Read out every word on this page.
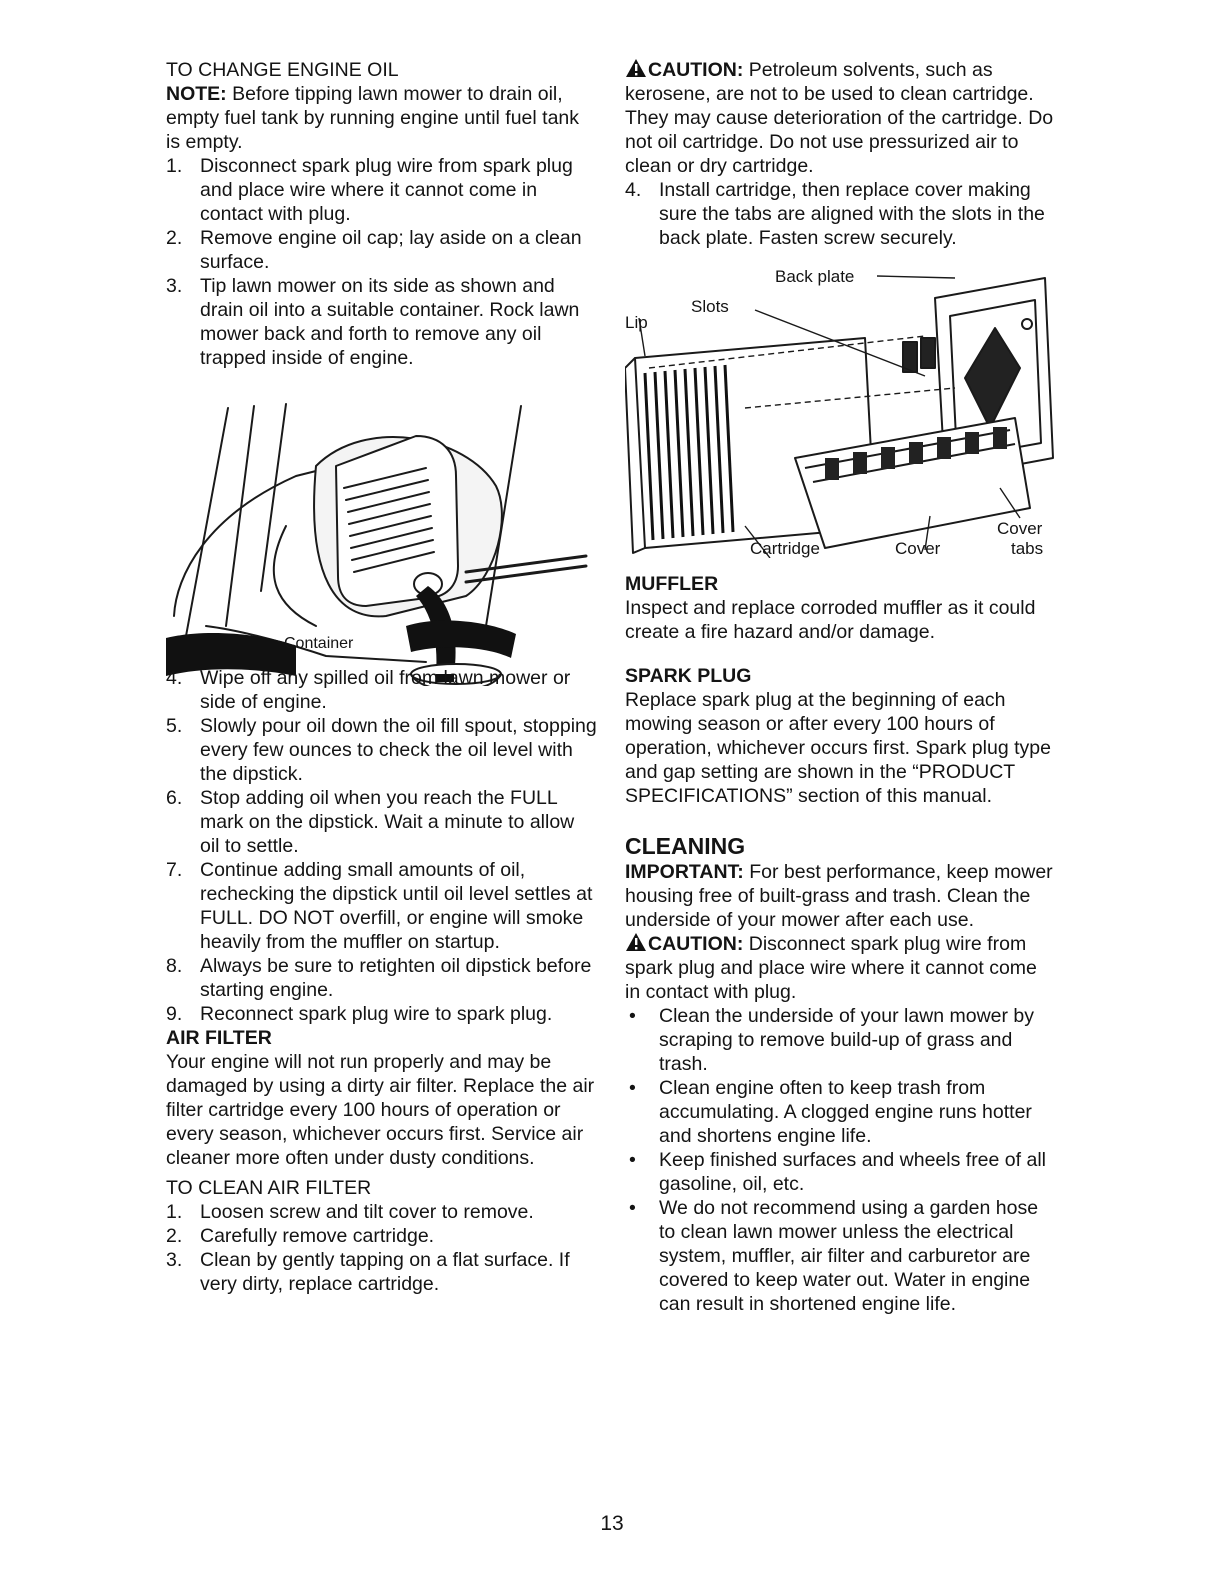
TO CHANGE ENGINE OIL

NOTE: Before tipping lawn mower to drain oil, empty fuel tank by running engine until fuel tank is empty.

1. Disconnect spark plug wire from spark plug and place wire where it cannot come in contact with plug.
2. Remove engine oil cap; lay aside on a clean surface.
3. Tip lawn mower on its side as shown and drain oil into a suitable container. Rock lawn mower back and forth to remove any oil trapped inside of engine.

Container

4. Wipe off any spilled oil from lawn mower or side of engine.
5. Slowly pour oil down the oil fill spout, stopping every few ounces to check the oil level with the dipstick.
6. Stop adding oil when you reach the FULL mark on the dipstick. Wait a minute to allow oil to settle.
7. Continue adding small amounts of oil, rechecking the dipstick until oil level settles at FULL. DO NOT overfill, or engine will smoke heavily from the muffler on startup.
8. Always be sure to retighten oil dipstick before starting engine.
9. Reconnect spark plug wire to spark plug.

AIR FILTER

Your engine will not run properly and may be damaged by using a dirty air filter. Replace the air filter cartridge every 100 hours of operation or every season, whichever occurs first. Service air cleaner more often under dusty conditions.

TO CLEAN AIR FILTER

1. Loosen screw and tilt cover to remove.
2. Carefully remove cartridge.
3. Clean by gently tapping on a flat surface. If very dirty, replace cartridge.

CAUTION: Petroleum solvents, such as kerosene, are not to be used to clean cartridge. They may cause deterioration of the cartridge. Do not oil cartridge. Do not use pressurized air to clean or dry cartridge.

4. Install cartridge, then replace cover making sure the tabs are aligned with the slots in the back plate. Fasten screw securely.
Back plate
Slots
Lip
Cartridge	Cover
Cover
tabs

MUFFLER

Inspect and replace corroded muffler as it could create a fire hazard and/or damage.

SPARK PLUG

Replace spark plug at the beginning of each mowing season or after every 100 hours of operation, whichever occurs first. Spark plug type and gap setting are shown in the “PRODUCT SPECIFICATIONS” section of this manual.

CLEANING

IMPORTANT: For best performance, keep mower housing free of built-grass and trash. Clean the underside of your mower after each use.

CAUTION: Disconnect spark plug wire from spark plug and place wire where it cannot come in contact with plug.

• Clean the underside of your lawn mower by scraping to remove build-up of grass and trash.
• Clean engine often to keep trash from accumulating. A clogged engine runs hotter and shortens engine life.
• Keep finished surfaces and wheels free of all gasoline, oil, etc.
• We do not recommend using a garden hose to clean lawn mower unless the electrical system, muffler, air filter and carburetor are covered to keep water out. Water in engine can result in shortened engine life.
13
